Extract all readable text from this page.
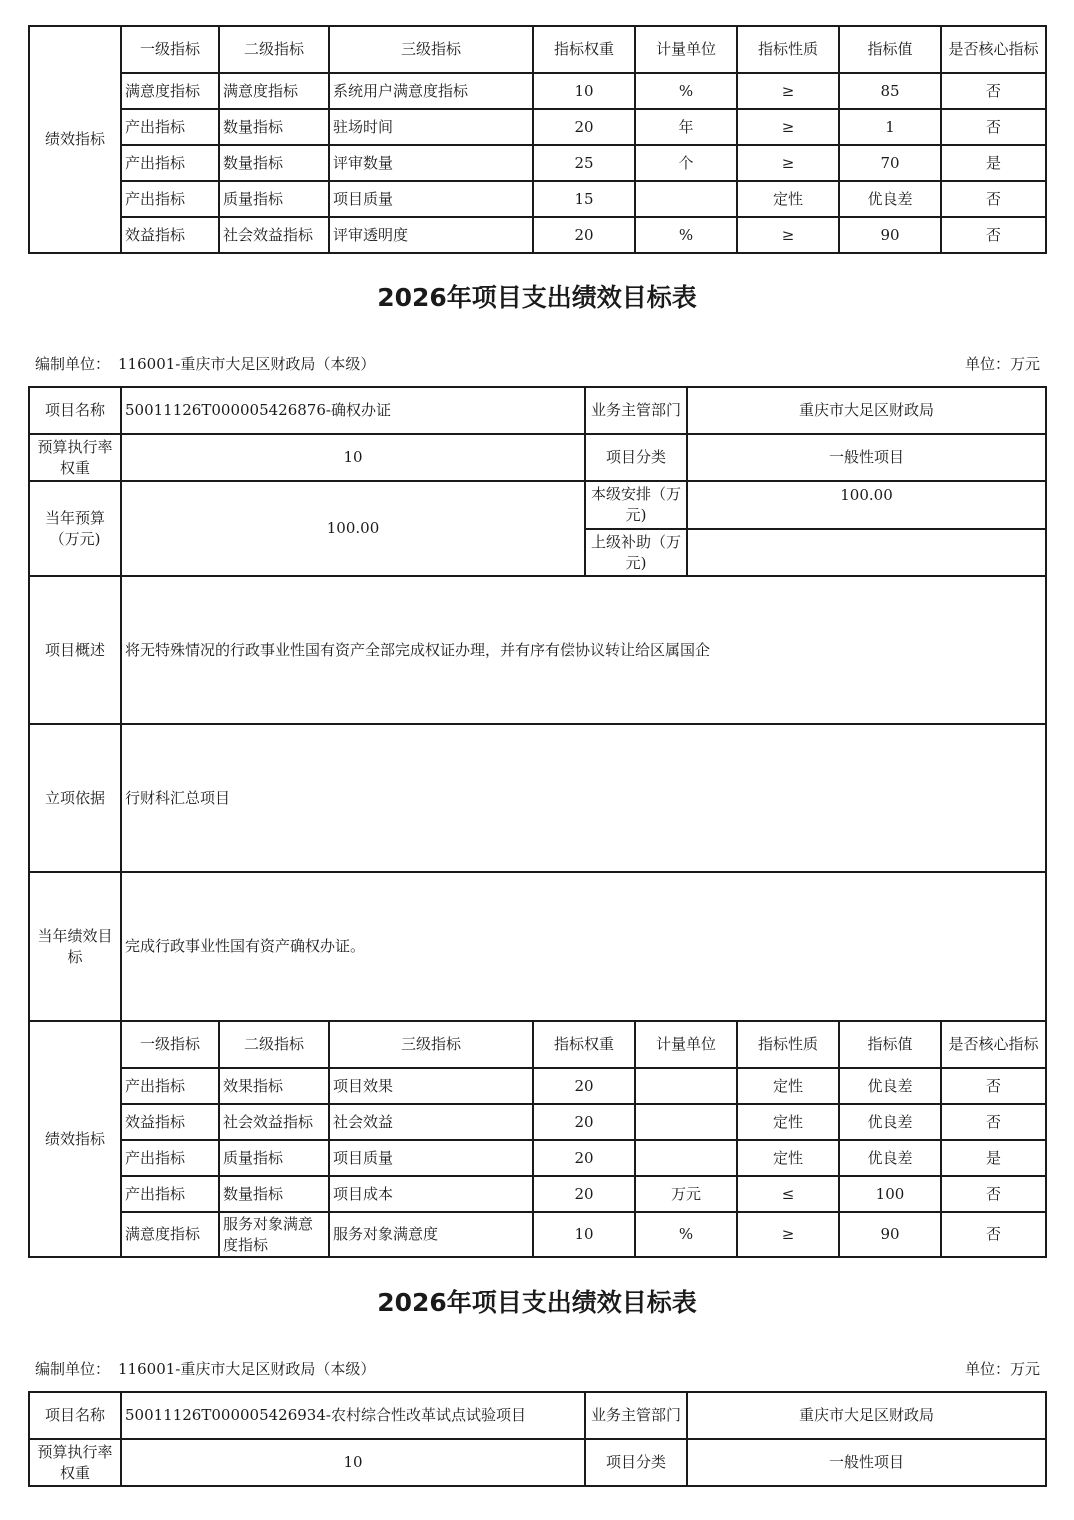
绩效指标	一级指标	二级指标	三级指标	指标权重	计量单位	指标性质	指标值	是否核心指标
	满意度指标	满意度指标	系统用户满意度指标	10	%	≥	85	否
	产出指标	数量指标	驻场时间	20	年	≥	1	否
	产出指标	数量指标	评审数量	25	个	≥	70	是
	产出指标	质量指标	项目质量	15		定性	优良差	否
	效益指标	社会效益指标	评审透明度	20	%	≥	90	否
2026年项目支出绩效目标表
编制单位： 116001-重庆市大足区财政局（本级）	单位：万元
项目名称	50011126T000005426876-确权办证	业务主管部门	重庆市大足区财政局
预算执行率权重	10	项目分类	一般性项目
当年预算（万元)	100.00	本级安排（万元)	100.00
		上级补助（万元)	
项目概述	将无特殊情况的行政事业性国有资产全部完成权证办理，并有序有偿协议转让给区属国企		
立项依据	行财科汇总项目		
当年绩效目标	完成行政事业性国有资产确权办证。		
绩效指标	一级指标	二级指标	三级指标	指标权重	计量单位	指标性质	指标值	是否核心指标
	产出指标	效果指标	项目效果	20		定性	优良差	否
	效益指标	社会效益指标	社会效益	20		定性	优良差	否
	产出指标	质量指标	项目质量	20		定性	优良差	是
	产出指标	数量指标	项目成本	20	万元	≤	100	否
	满意度指标	服务对象满意度指标	服务对象满意度	10	%	≥	90	否
2026年项目支出绩效目标表
编制单位： 116001-重庆市大足区财政局（本级）	单位：万元
项目名称	50011126T000005426934-农村综合性改革试点试验项目	业务主管部门	重庆市大足区财政局
预算执行率权重	10	项目分类	一般性项目
